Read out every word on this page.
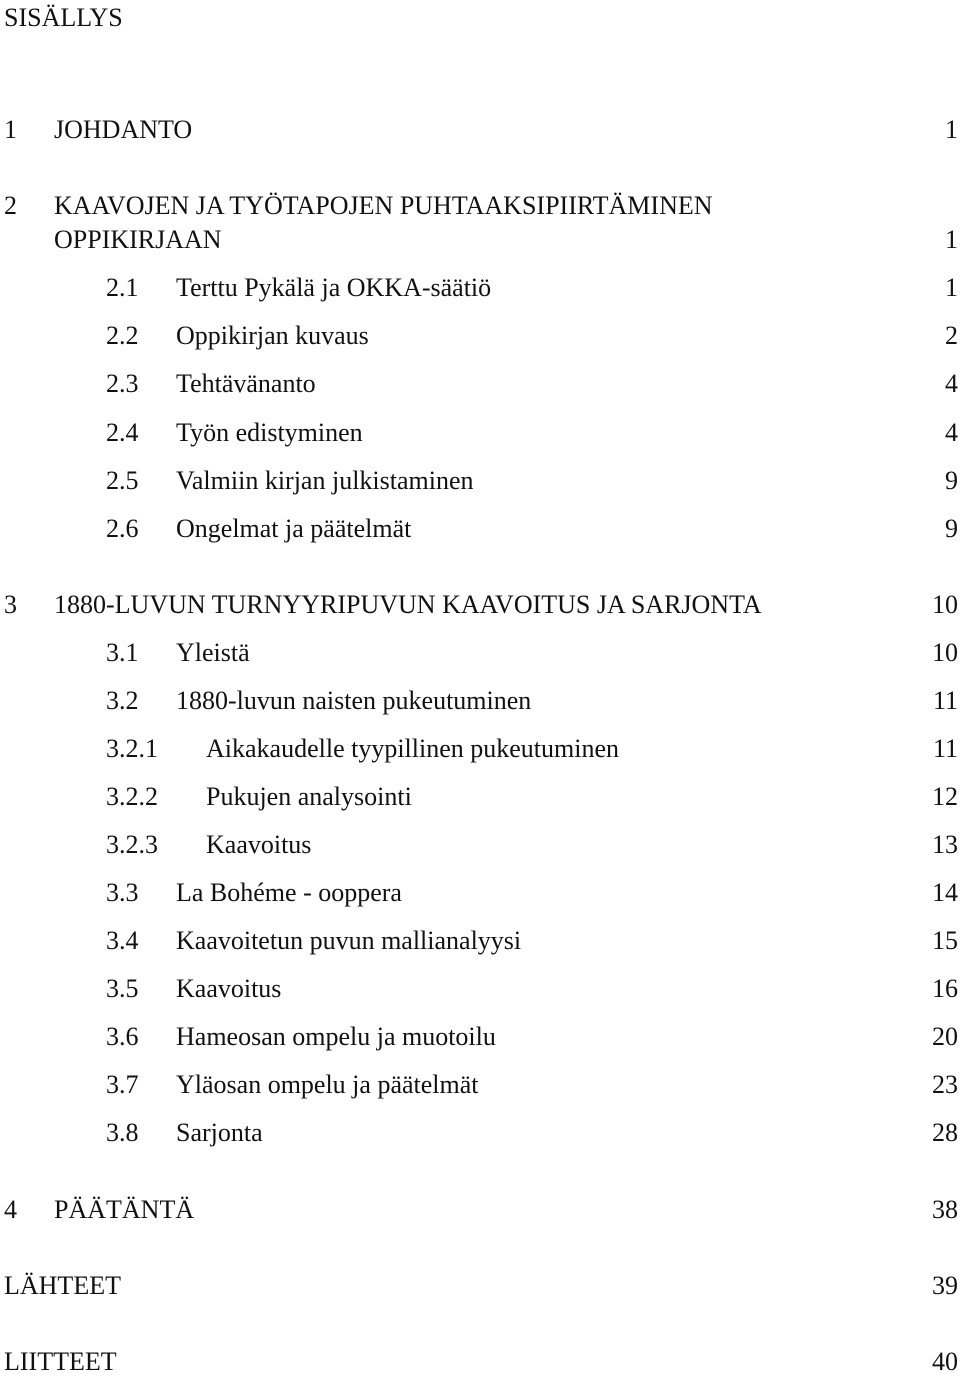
SISÄLLYS
1 JOHDANTO	1
2 KAAVOJEN JA TYÖTAPOJEN PUHTAAKSIPIIRTÄMINEN
OPPIKIRJAAN	1
2.1 Terttu Pykälä ja OKKA-säätiö	1
2.2 Oppikirjan kuvaus	2
2.3 Tehtävänanto	4
2.4 Työn edistyminen	4
2.5 Valmiin kirjan julkistaminen	9
2.6 Ongelmat ja päätelmät	9
3 1880-LUVUN TURNYYRIPUVUN KAAVOITUS JA SARJONTA	10
3.1 Yleistä	10
3.2 1880-luvun naisten pukeutuminen	11
3.2.1 Aikakaudelle tyypillinen pukeutuminen	11
3.2.2 Pukujen analysointi	12
3.2.3 Kaavoitus	13
3.3 La Bohéme - ooppera	14
3.4 Kaavoitetun puvun mallianalyysi	15
3.5 Kaavoitus	16
3.6 Hameosan ompelu ja muotoilu	20
3.7 Yläosan ompelu ja päätelmät	23
3.8 Sarjonta	28
4 PÄÄTÄNTÄ	38
LÄHTEET	39
LIITTEET	40
